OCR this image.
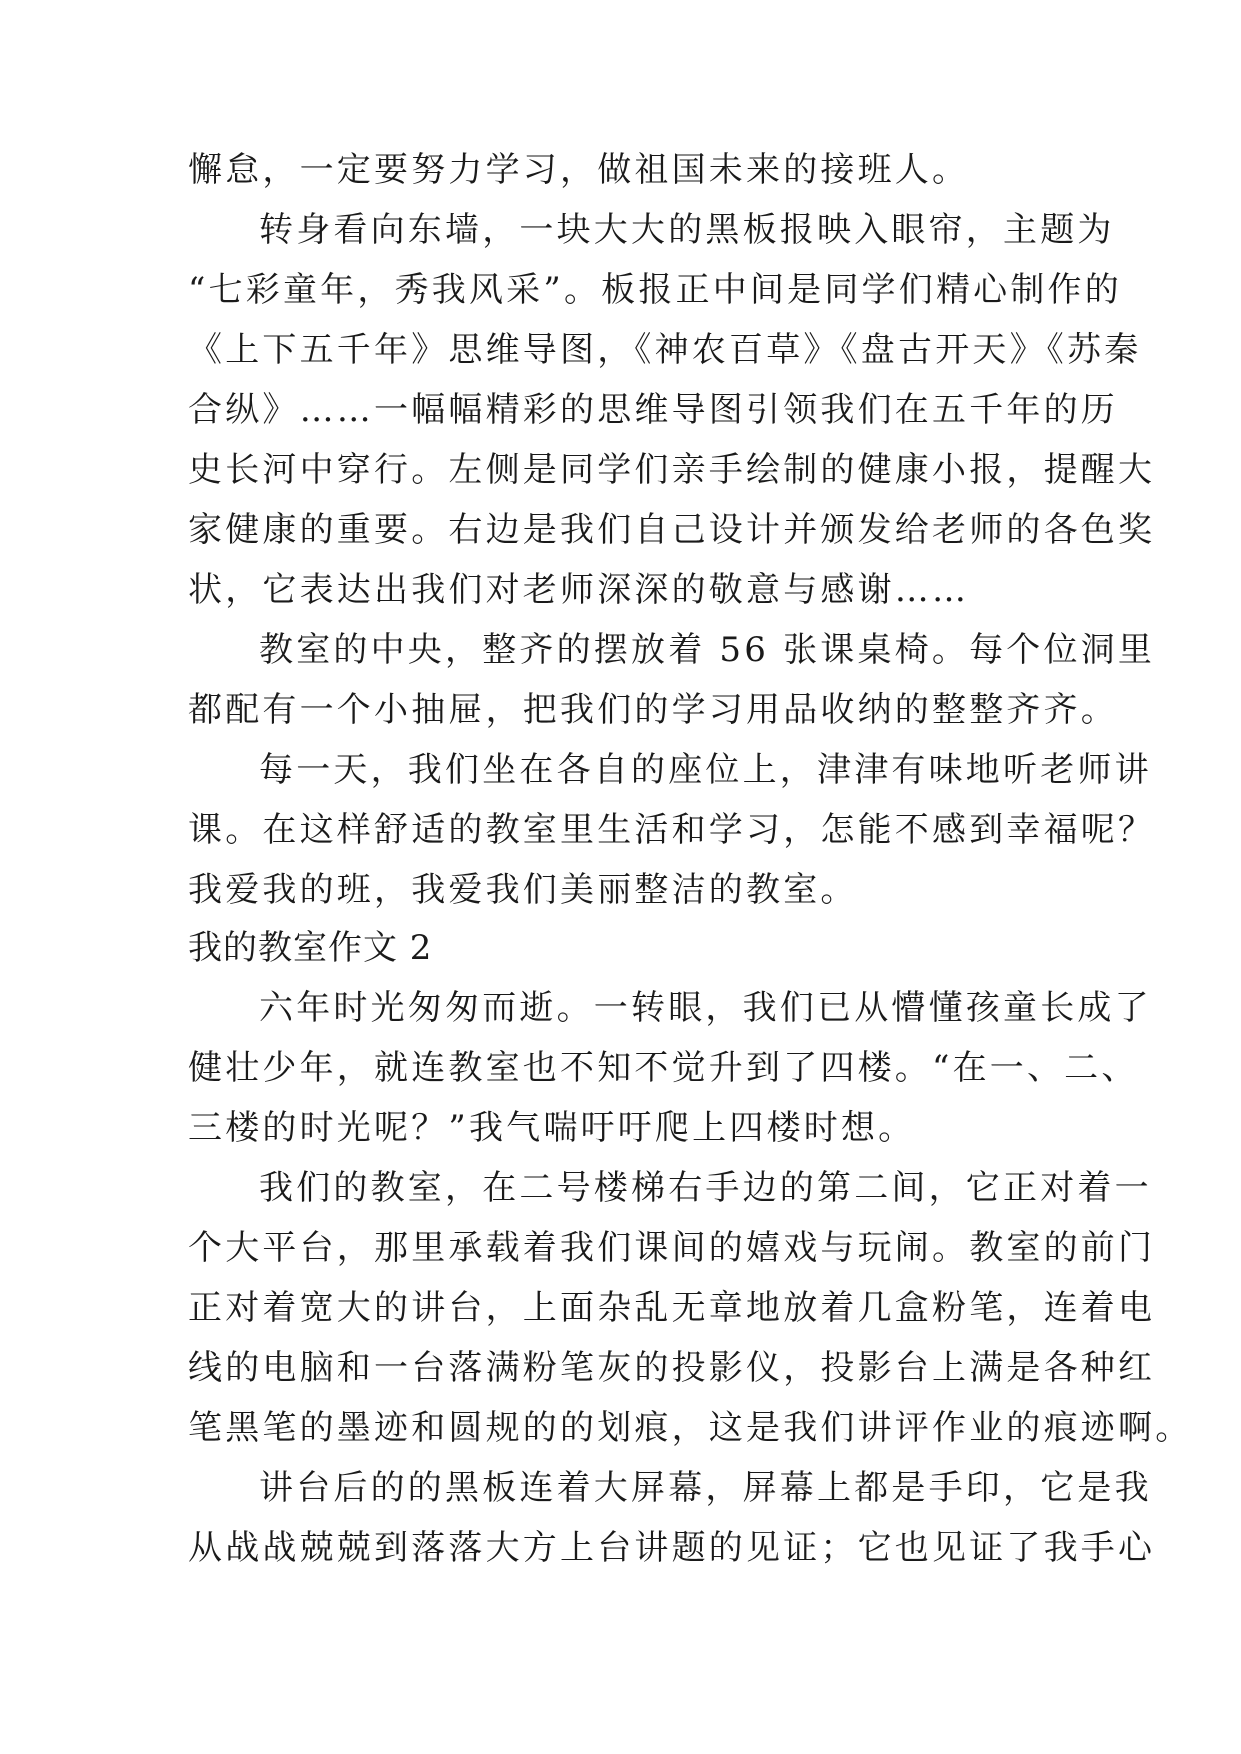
懈怠，一定要努力学习，做祖国未来的接班人。

转身看向东墙，一块大大的黑板报映入眼帘，主题为

“七彩童年，秀我风采”。板报正中间是同学们精心制作的

《上下五千年》思维导图，《神农百草》《盘古开天》《苏秦

合纵》……一幅幅精彩的思维导图引领我们在五千年的历

史长河中穿行。左侧是同学们亲手绘制的健康小报，提醒大

家健康的重要。右边是我们自己设计并颁发给老师的各色奖

状，它表达出我们对老师深深的敬意与感谢……

教室的中央，整齐的摆放着 56 张课桌椅。每个位洞里

都配有一个小抽屉，把我们的学习用品收纳的整整齐齐。

每一天，我们坐在各自的座位上，津津有味地听老师讲

课。在这样舒适的教室里生活和学习，怎能不感到幸福呢？

我爱我的班，我爱我们美丽整洁的教室。

我的教室作文 2

六年时光匆匆而逝。一转眼，我们已从懵懂孩童长成了

健壮少年，就连教室也不知不觉升到了四楼。“在一、二、

三楼的时光呢？”我气喘吁吁爬上四楼时想。

我们的教室，在二号楼梯右手边的第二间，它正对着一

个大平台，那里承载着我们课间的嬉戏与玩闹。教室的前门

正对着宽大的讲台，上面杂乱无章地放着几盒粉笔，连着电

线的电脑和一台落满粉笔灰的投影仪，投影台上满是各种红

笔黑笔的墨迹和圆规的的划痕，这是我们讲评作业的痕迹啊。

讲台后的的黑板连着大屏幕，屏幕上都是手印，它是我

从战战兢兢到落落大方上台讲题的见证；它也见证了我手心
